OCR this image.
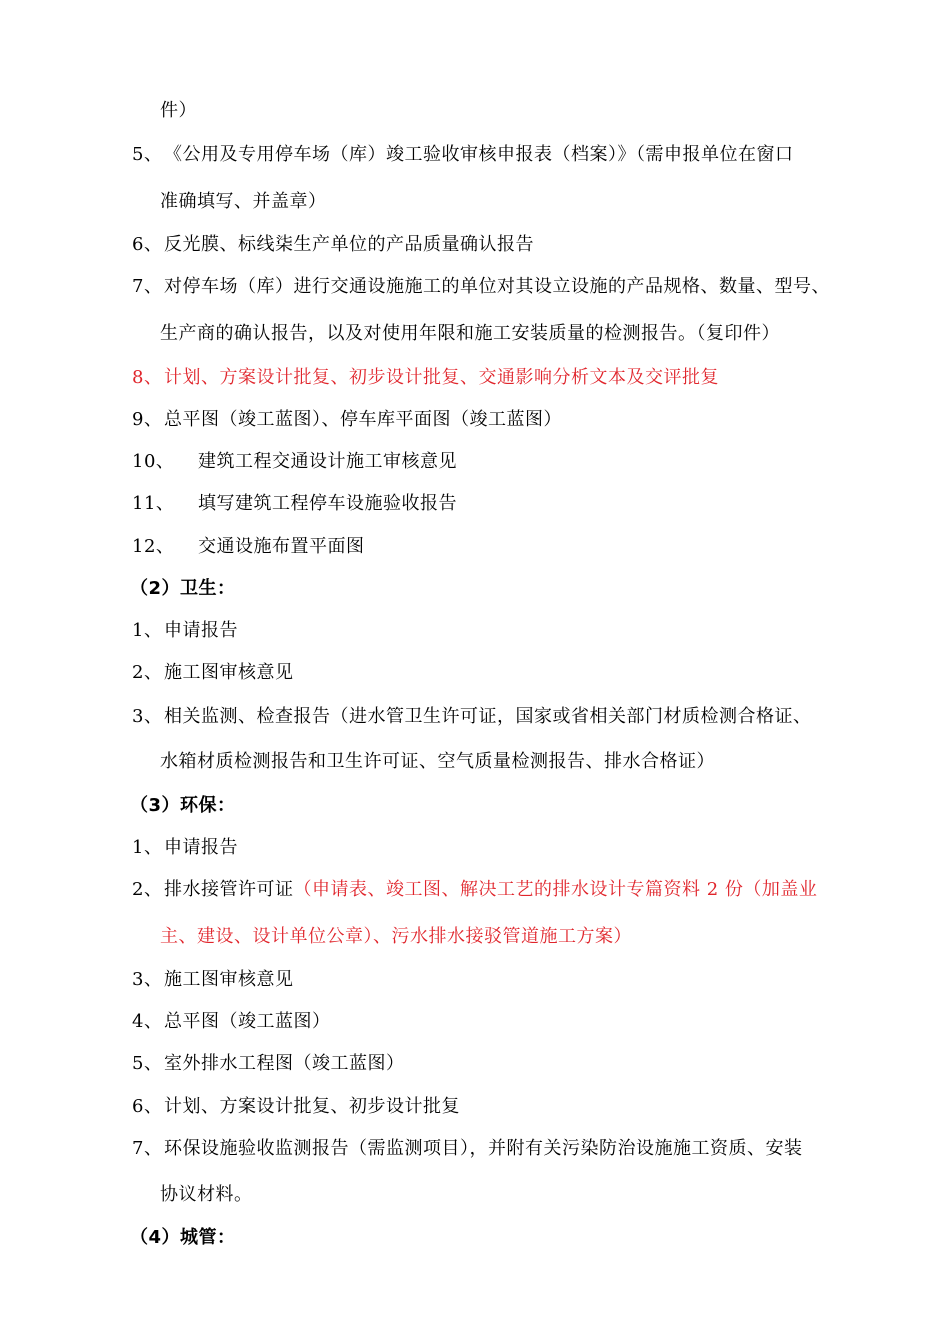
件）
5、《公用及专用停车场（库）竣工验收审核申报表（档案）》（需申报单位在窗口
准确填写、并盖章）
6、反光膜、标线柒生产单位的产品质量确认报告
7、对停车场（库）进行交通设施施工的单位对其设立设施的产品规格、数量、型号、
生产商的确认报告，以及对使用年限和施工安装质量的检测报告。（复印件）
8、计划、方案设计批复、初步设计批复、交通影响分析文本及交评批复
9、总平图（竣工蓝图）、停车库平面图（竣工蓝图）
10、 建筑工程交通设计施工审核意见
11、 填写建筑工程停车设施验收报告
12、 交通设施布置平面图
（2）卫生：
1、申请报告
2、施工图审核意见
3、相关监测、检查报告（进水管卫生许可证，国家或省相关部门材质检测合格证、
水箱材质检测报告和卫生许可证、空气质量检测报告、排水合格证）
（3）环保：
1、申请报告
2、排水接管许可证（申请表、竣工图、解决工艺的排水设计专篇资料 2 份（加盖业
主、建设、设计单位公章）、污水排水接驳管道施工方案）
3、施工图审核意见
4、总平图（竣工蓝图）
5、室外排水工程图（竣工蓝图）
6、计划、方案设计批复、初步设计批复
7、环保设施验收监测报告（需监测项目），并附有关污染防治设施施工资质、安装
协议材料。
（4）城管：
